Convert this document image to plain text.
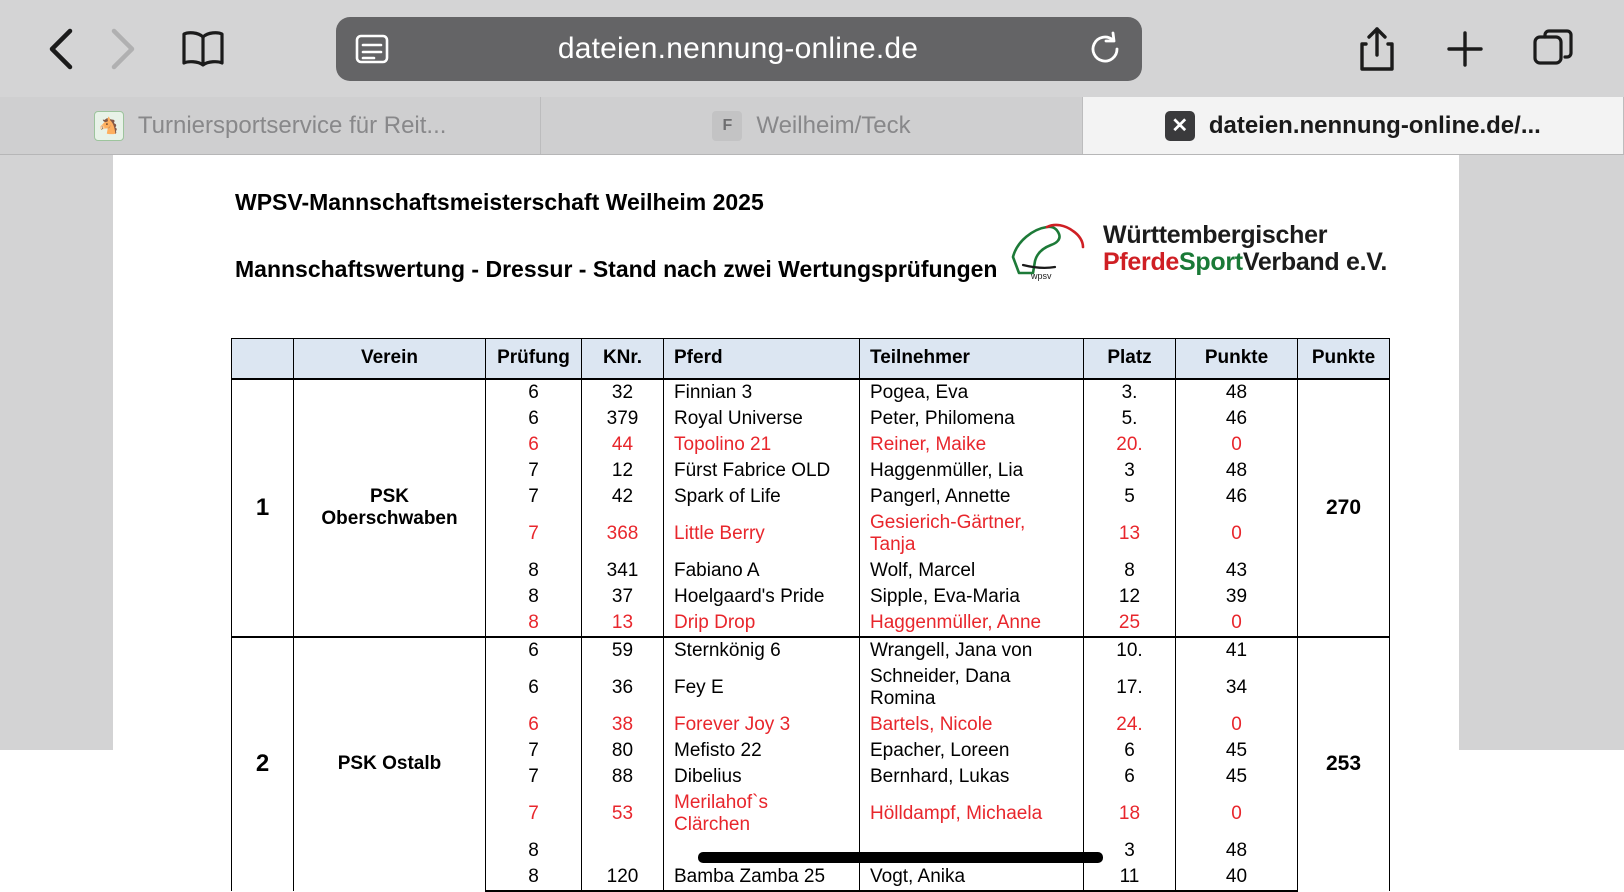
dateien.nennung-online.de
🐴 Turniersportservice für Reit...	F	Weilheim/Teck	✕ dateien.nennung-online.de/...
WPSV-Mannschaftsmeisterschaft Weilheim 2025
Mannschaftswertung - Dressur - Stand nach zwei Wertungsprüfungen	wpsv
Württembergischer
PferdeSportVerband e.V.
	Verein	Prüfung	KNr.	Pferd	Teilnehmer	Platz	Punkte	Punkte
1	PSK Oberschwaben	6	32	Finnian 3	Pogea, Eva	3.	48	270
		6	379	Royal Universe	Peter, Philomena	5.	46	
		6	44	Topolino 21	Reiner, Maike	20.	0	
		7	12	Fürst Fabrice OLD	Haggenmüller, Lia	3	48	
		7	42	Spark of Life	Pangerl, Annette	5	46	
		7	368	Little Berry	Gesierich-Gärtner, Tanja	13	0	
		8	341	Fabiano A	Wolf, Marcel	8	43	
		8	37	Hoelgaard's Pride	Sipple, Eva-Maria	12	39	
		8	13	Drip Drop	Haggenmüller, Anne	25	0	
2	PSK Ostalb	6	59	Sternkönig 6	Wrangell, Jana von	10.	41	253
		6	36	Fey E	Schneider, Dana Romina	17.	34	
		6	38	Forever Joy 3	Bartels, Nicole	24.	0	
		7	80	Mefisto 22	Epacher, Loreen	6	45	
		7	88	Dibelius	Bernhard, Lukas	6	45	
		7	53	Merilahof`s Clärchen	Hölldampf, Michaela	18	0	
		8				3	48	
		8	120	Bamba Zamba 25	Vogt, Anika	11	40	
